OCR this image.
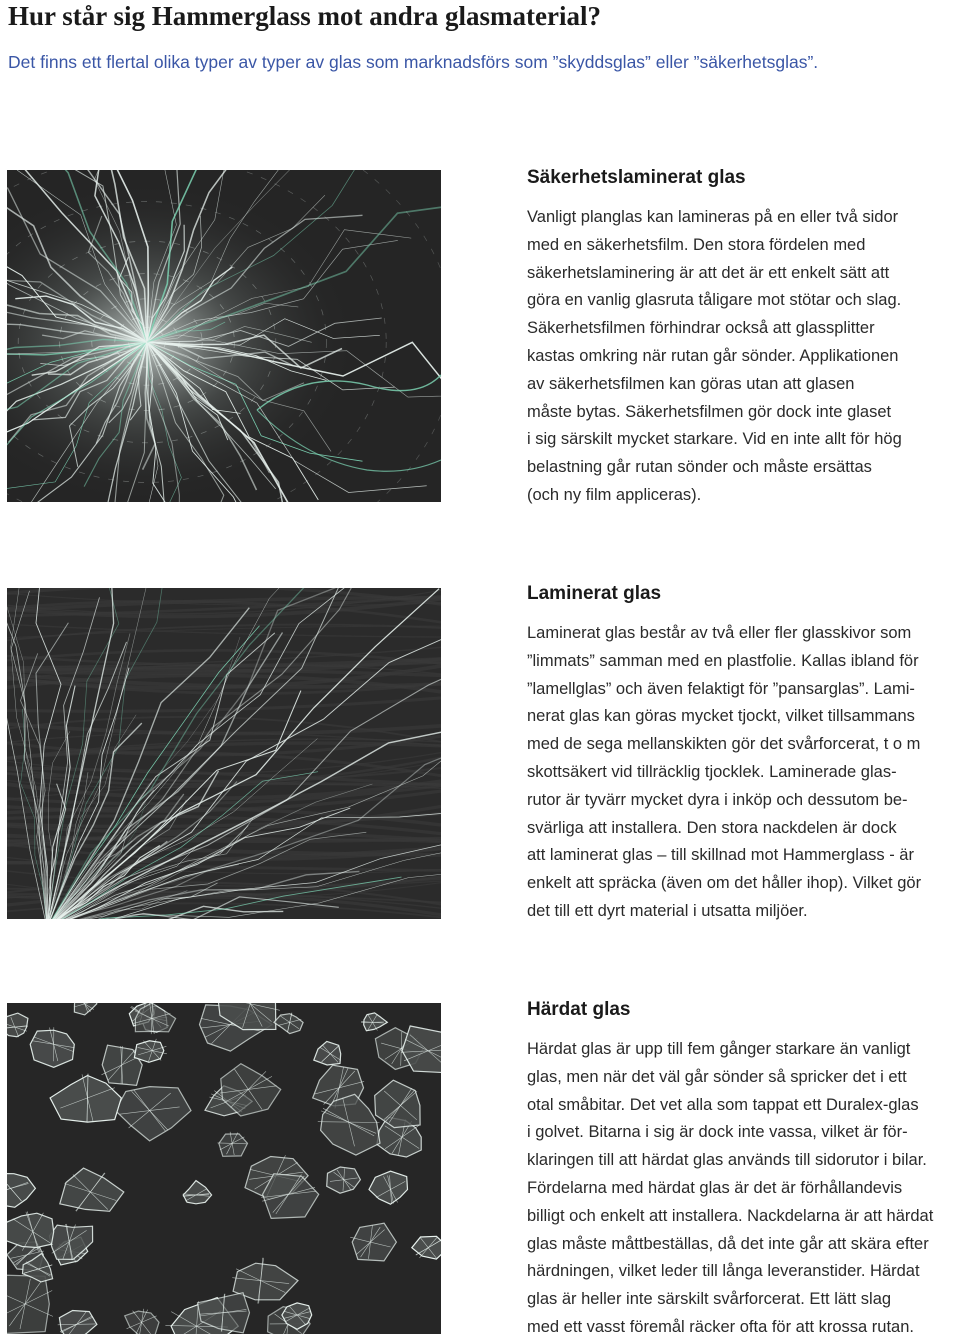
Hur står sig Hammerglass mot andra glasmaterial?

Det finns ett flertal olika typer av typer av glas som marknadsförs som ”skyddsglas” eller ”säkerhetsglas”.

Säkerhetslaminerat glas
Vanligt planglas kan lamineras på en eller två sidor
med en säkerhetsfilm. Den stora fördelen med
säkerhetslaminering är att det är ett enkelt sätt att
göra en vanlig glasruta tåligare mot stötar och slag.
Säkerhetsfilmen förhindrar också att glassplitter
kastas omkring när rutan går sönder. Applikationen
av säkerhetsfilmen kan göras utan att glasen
måste bytas. Säkerhetsfilmen gör dock inte glaset
i sig särskilt mycket starkare. Vid en inte allt för hög
belastning går rutan sönder och måste ersättas
(och ny film appliceras).
Laminerat glas
Laminerat glas består av två eller fler glasskivor som
”limmats” samman med en plastfolie. Kallas ibland för
”lamellglas” och även felaktigt för ”pansarglas”. Lami-
nerat glas kan göras mycket tjockt, vilket tillsammans
med de sega mellanskikten gör det svårforcerat, t o m
skottsäkert vid tillräcklig tjocklek. Laminerade glas-
rutor är tyvärr mycket dyra i inköp och dessutom be-
svärliga att installera. Den stora nackdelen är dock
att laminerat glas – till skillnad mot Hammerglass - är
enkelt att spräcka (även om det håller ihop). Vilket gör
det till ett dyrt material i utsatta miljöer.
Härdat glas
Härdat glas är upp till fem gånger starkare än vanligt
glas, men när det väl går sönder så spricker det i ett
otal småbitar. Det vet alla som tappat ett Duralex-glas
i golvet. Bitarna i sig är dock inte vassa, vilket är för-
klaringen till att härdat glas används till sidorutor i bilar.
Fördelarna med härdat glas är det är förhållandevis
billigt och enkelt att installera. Nackdelarna är att härdat
glas måste måttbeställas, då det inte går att skära efter
härdningen, vilket leder till långa leveranstider. Härdat
glas är heller inte särskilt svårforcerat. Ett lätt slag
med ett vasst föremål räcker ofta för att krossa rutan.
